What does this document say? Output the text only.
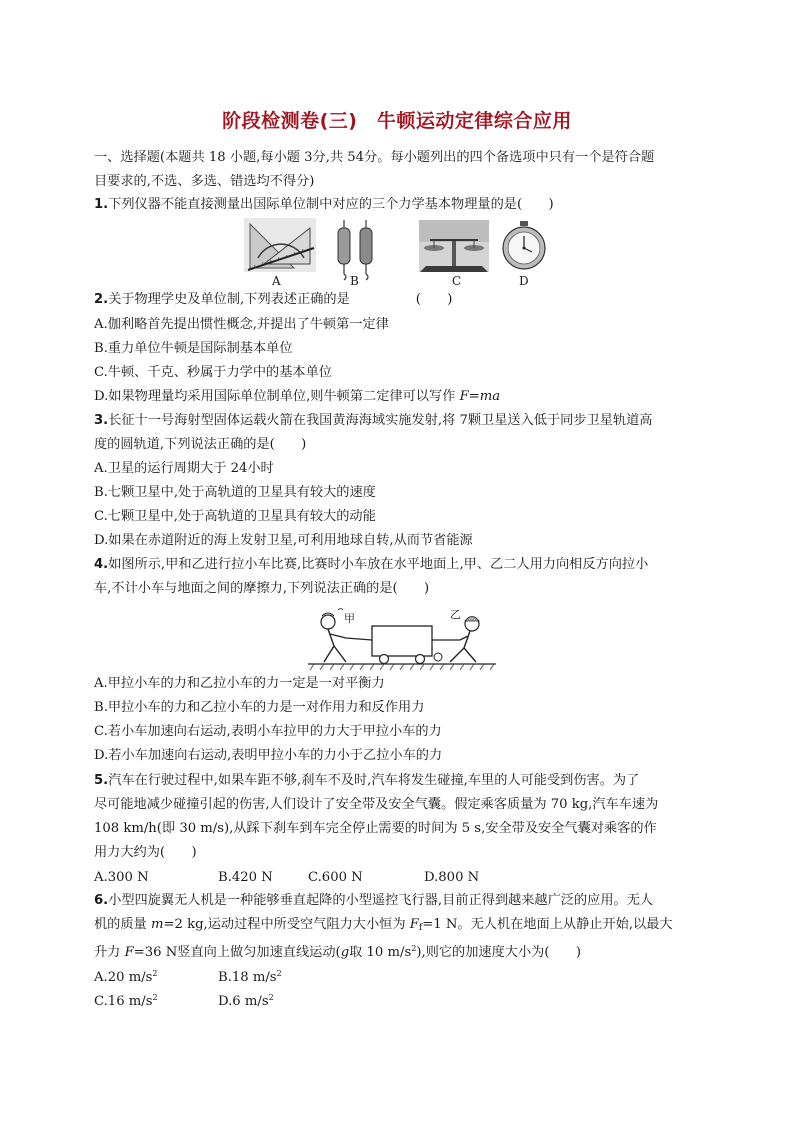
阶段检测卷(三)　牛顿运动定律综合应用
一、选择题(本题共 18 小题,每小题 3分,共 54分。每小题列出的四个备选项中只有一个是符合题
目要求的,不选、多选、错选均不得分)
1.下列仪器不能直接测量出国际单位制中对应的三个力学基本物理量的是(　　)
A	B	C	D
2.关于物理学史及单位制,下列表述正确的是　　　　　(　　)
A.伽利略首先提出惯性概念,并提出了牛顿第一定律
B.重力单位牛顿是国际制基本单位
C.牛顿、千克、秒属于力学中的基本单位
D.如果物理量均采用国际单位制单位,则牛顿第二定律可以写作 F=ma
3.长征十一号海射型固体运载火箭在我国黄海海域实施发射,将 7颗卫星送入低于同步卫星轨道高
度的圆轨道,下列说法正确的是(　　)
A.卫星的运行周期大于 24小时
B.七颗卫星中,处于高轨道的卫星具有较大的速度
C.七颗卫星中,处于高轨道的卫星具有较大的动能
D.如果在赤道附近的海上发射卫星,可利用地球自转,从而节省能源
4.如图所示,甲和乙进行拉小车比赛,比赛时小车放在水平地面上,甲、乙二人用力向相反方向拉小
车,不计小车与地面之间的摩擦力,下列说法正确的是(　　)
甲	乙
A.甲拉小车的力和乙拉小车的力一定是一对平衡力
B.甲拉小车的力和乙拉小车的力是一对作用力和反作用力
C.若小车加速向右运动,表明小车拉甲的力大于甲拉小车的力
D.若小车加速向右运动,表明甲拉小车的力小于乙拉小车的力
5.汽车在行驶过程中,如果车距不够,刹车不及时,汽车将发生碰撞,车里的人可能受到伤害。为了
尽可能地减少碰撞引起的伤害,人们设计了安全带及安全气囊。假定乘客质量为 70 kg,汽车车速为
108 km/h(即 30 m/s),从踩下刹车到车完全停止需要的时间为 5 s,安全带及安全气囊对乘客的作
用力大约为(　　)
A.300 N	B.420 N	C.600 N	D.800 N
6.小型四旋翼无人机是一种能够垂直起降的小型遥控飞行器,目前正得到越来越广泛的应用。无人
机的质量 m=2 kg,运动过程中所受空气阻力大小恒为 $F_f=1$ N。无人机在地面上从静止开始,以最大
升力 F=36 N竖直向上做匀加速直线运动(g取 10 $m/s^2$),则它的加速度大小为(　　)
A.20 $m/s^2$	B.18 $m/s^2$
C.16 $m/s^2$	D.6 $m/s^2$
